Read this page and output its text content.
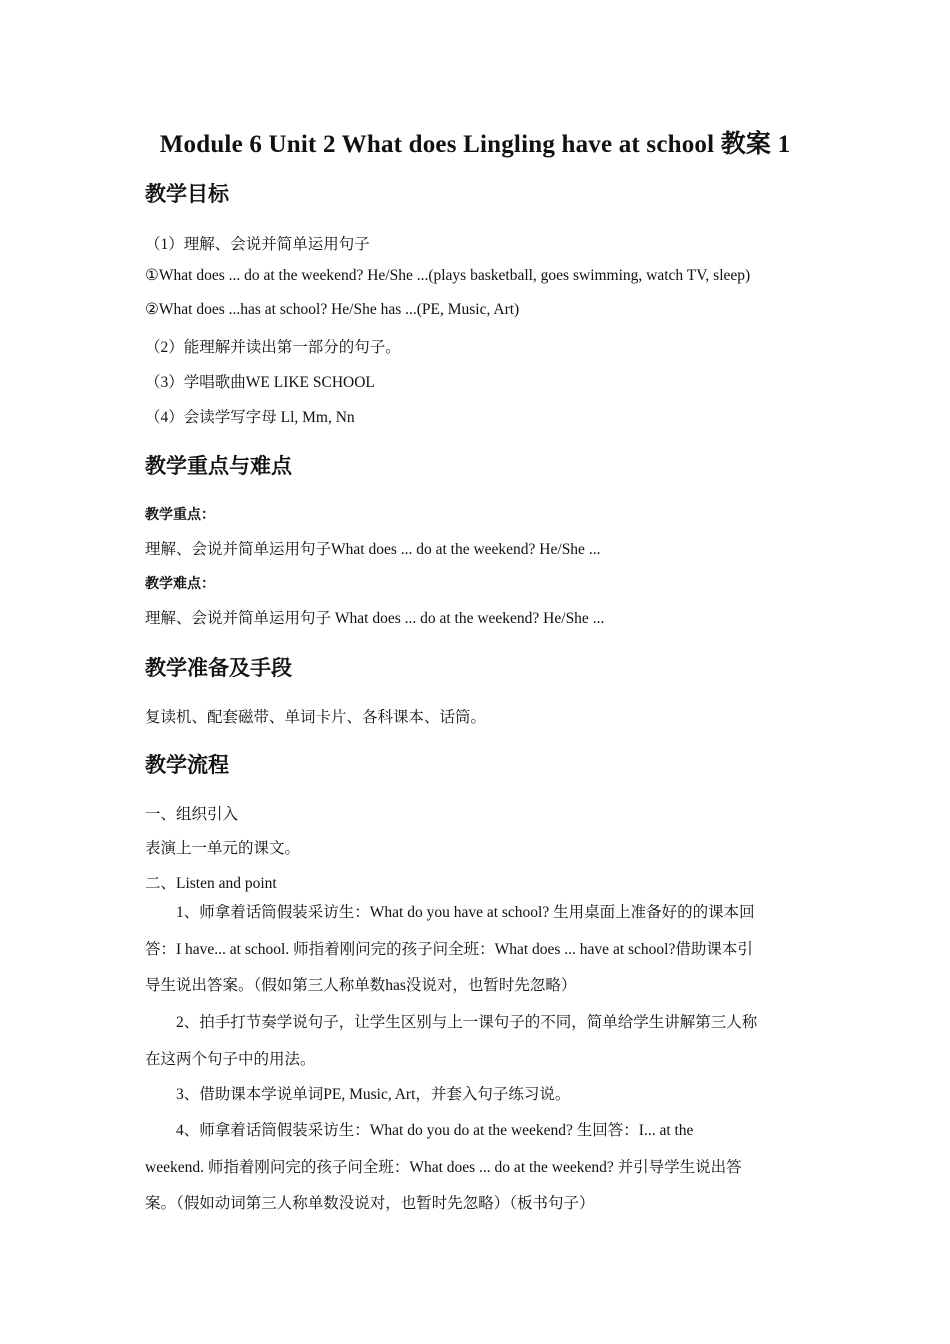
Module 6 Unit 2 What does Lingling have at school 教案 1
教学目标
（1）理解、会说并简单运用句子
①What does ... do at the weekend? He/She ...(plays basketball, goes swimming, watch TV, sleep)
②What does ...has at school? He/She has ...(PE, Music, Art)
（2）能理解并读出第一部分的句子。
（3）学唱歌曲WE LIKE SCHOOL
（4）会读学写字母 Ll, Mm, Nn
教学重点与难点
教学重点：
理解、会说并简单运用句子What does ... do at the weekend? He/She ...
教学难点：
理解、会说并简单运用句子 What does ... do at the weekend? He/She ...
教学准备及手段
复读机、配套磁带、单词卡片、各科课本、话筒。
教学流程
一、组织引入
表演上一单元的课文。
二、Listen and point
1、师拿着话筒假装采访生：What do you have at school? 生用桌面上准备好的的课本回
答：I have... at school. 师指着刚问完的孩子问全班：What does ... have at school?借助课本引
导生说出答案。（假如第三人称单数has没说对，也暂时先忽略）
2、拍手打节奏学说句子，让学生区别与上一课句子的不同，简单给学生讲解第三人称
在这两个句子中的用法。
3、借助课本学说单词PE, Music, Art，并套入句子练习说。
4、师拿着话筒假装采访生：What do you do at the weekend? 生回答：I... at the
weekend. 师指着刚问完的孩子问全班：What does ... do at the weekend? 并引导学生说出答
案。（假如动词第三人称单数没说对，也暂时先忽略）（板书句子）
